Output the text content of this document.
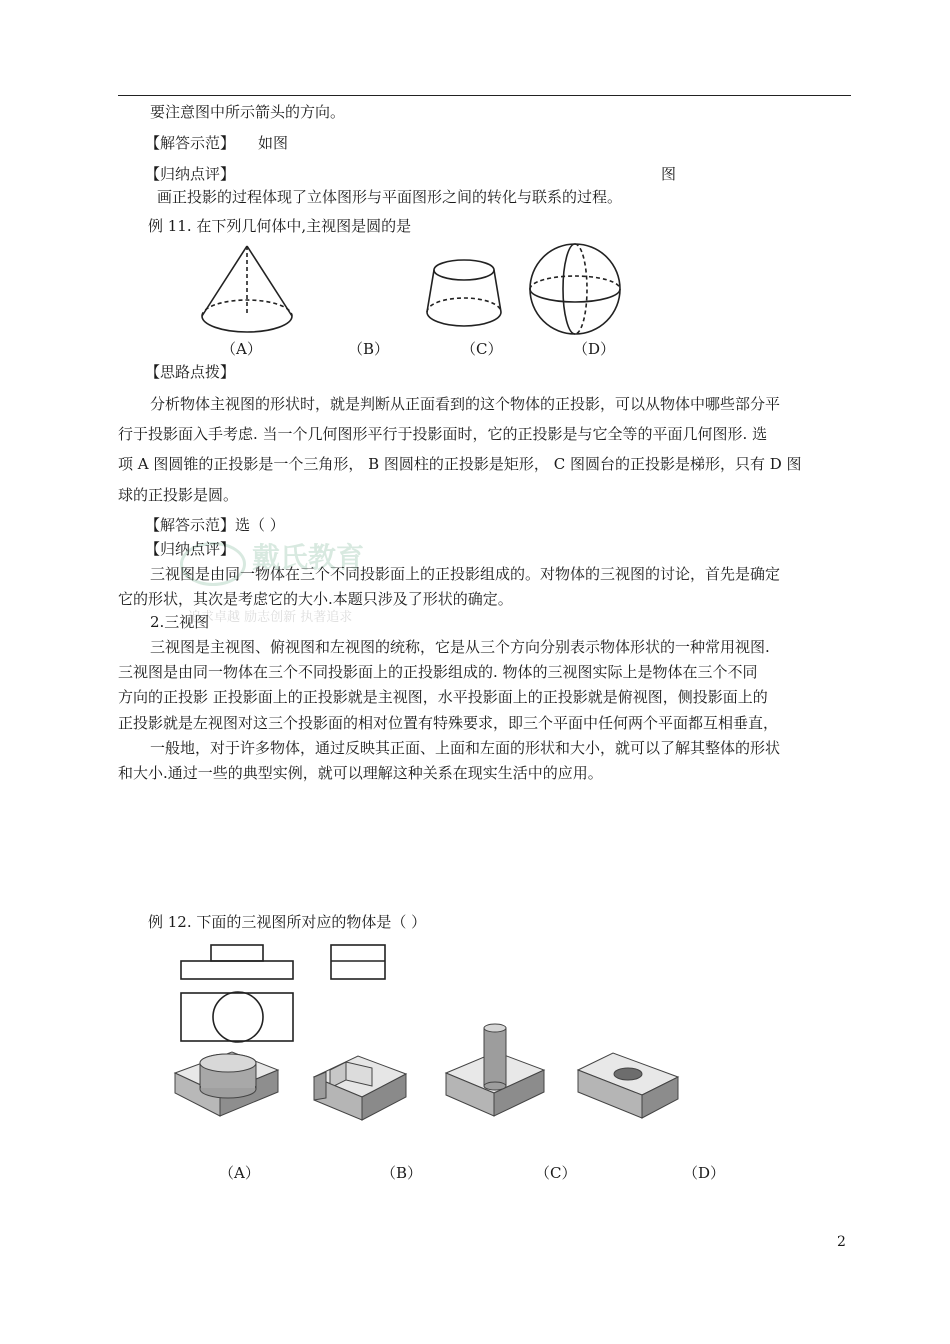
戴氏教育
追求卓越 励志创新 执著追求
要注意图中所示箭头的方向。
【解答示范】 如图
【归纳点评】	图
画正投影的过程体现了立体图形与平面图形之间的转化与联系的过程。
例 11. 在下列几何体中,主视图是圆的是
（A）	（B）	（C）	（D）
【思路点拨】
分析物体主视图的形状时，就是判断从正面看到的这个物体的正投影，可以从物体中哪些部分平
行于投影面入手考虑. 当一个几何图形平行于投影面时，它的正投影是与它全等的平面几何图形. 选
项 A 图圆锥的正投影是一个三角形， B 图圆柱的正投影是矩形， C 图圆台的正投影是梯形，只有 D 图
球的正投影是圆。
【解答示范】选（ ）
【归纳点评】
三视图是由同一物体在三个不同投影面上的正投影组成的。对物体的三视图的讨论，首先是确定
它的形状，其次是考虑它的大小.本题只涉及了形状的确定。
2.三视图
三视图是主视图、俯视图和左视图的统称，它是从三个方向分别表示物体形状的一种常用视图.
三视图是由同一物体在三个不同投影面上的正投影组成的. 物体的三视图实际上是物体在三个不同
方向的正投影 正投影面上的正投影就是主视图，水平投影面上的正投影就是俯视图，侧投影面上的
正投影就是左视图对这三个投影面的相对位置有特殊要求，即三个平面中任何两个平面都互相垂直，
一般地，对于许多物体，通过反映其正面、上面和左面的形状和大小，就可以了解其整体的形状
和大小.通过一些的典型实例，就可以理解这种关系在现实生活中的应用。
例 12. 下面的三视图所对应的物体是（ ）
（A）	（B）	（C）	（D）
2
